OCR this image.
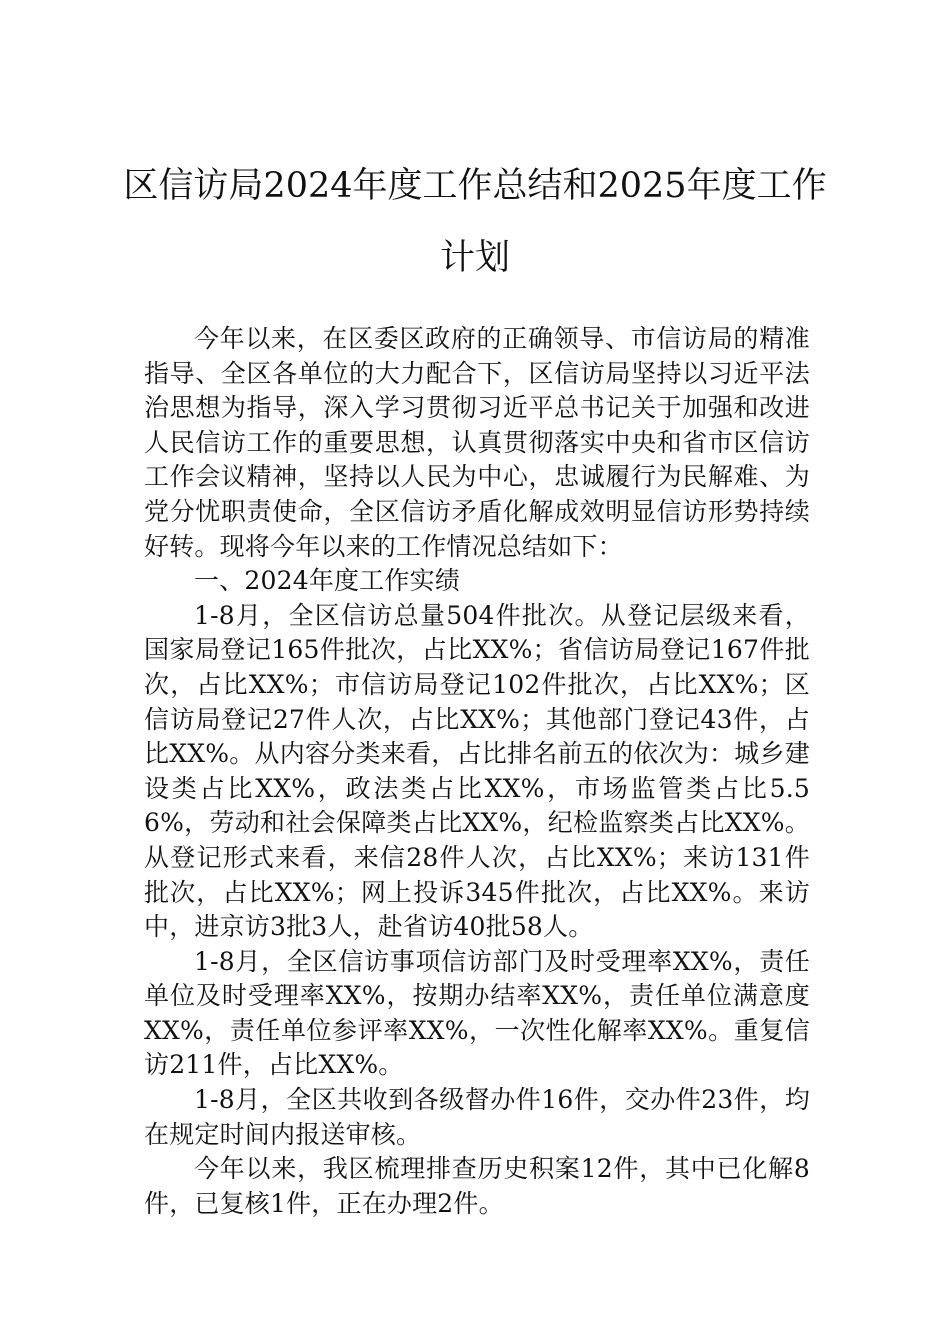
区信访局2024年度工作总结和2025年度工作计划

今年以来，在区委区政府的正确领导、市信访局的精准指导、全区各单位的大力配合下，区信访局坚持以习近平法治思想为指导，深入学习贯彻习近平总书记关于加强和改进人民信访工作的重要思想，认真贯彻落实中央和省市区信访工作会议精神，坚持以人民为中心，忠诚履行为民解难、为党分忧职责使命，全区信访矛盾化解成效明显信访形势持续好转。现将今年以来的工作情况总结如下：

一、2024年度工作实绩

1-8月，全区信访总量504件批次。从登记层级来看，国家局登记165件批次，占比XX%；省信访局登记167件批次，占比XX%；市信访局登记102件批次，占比XX%；区信访局登记27件人次，占比XX%；其他部门登记43件，占比XX%。从内容分类来看，占比排名前五的依次为：城乡建设类占比XX%，政法类占比XX%，市场监管类占比5.56%，劳动和社会保障类占比XX%，纪检监察类占比XX%。从登记形式来看，来信28件人次，占比XX%；来访131件批次，占比XX%；网上投诉345件批次，占比XX%。来访中，进京访3批3人，赴省访40批58人。

1-8月，全区信访事项信访部门及时受理率XX%，责任单位及时受理率XX%，按期办结率XX%，责任单位满意度XX%，责任单位参评率XX%，一次性化解率XX%。重复信访211件，占比XX%。

1-8月，全区共收到各级督办件16件，交办件23件，均在规定时间内报送审核。

今年以来，我区梳理排查历史积案12件，其中已化解8件，已复核1件，正在办理2件。
